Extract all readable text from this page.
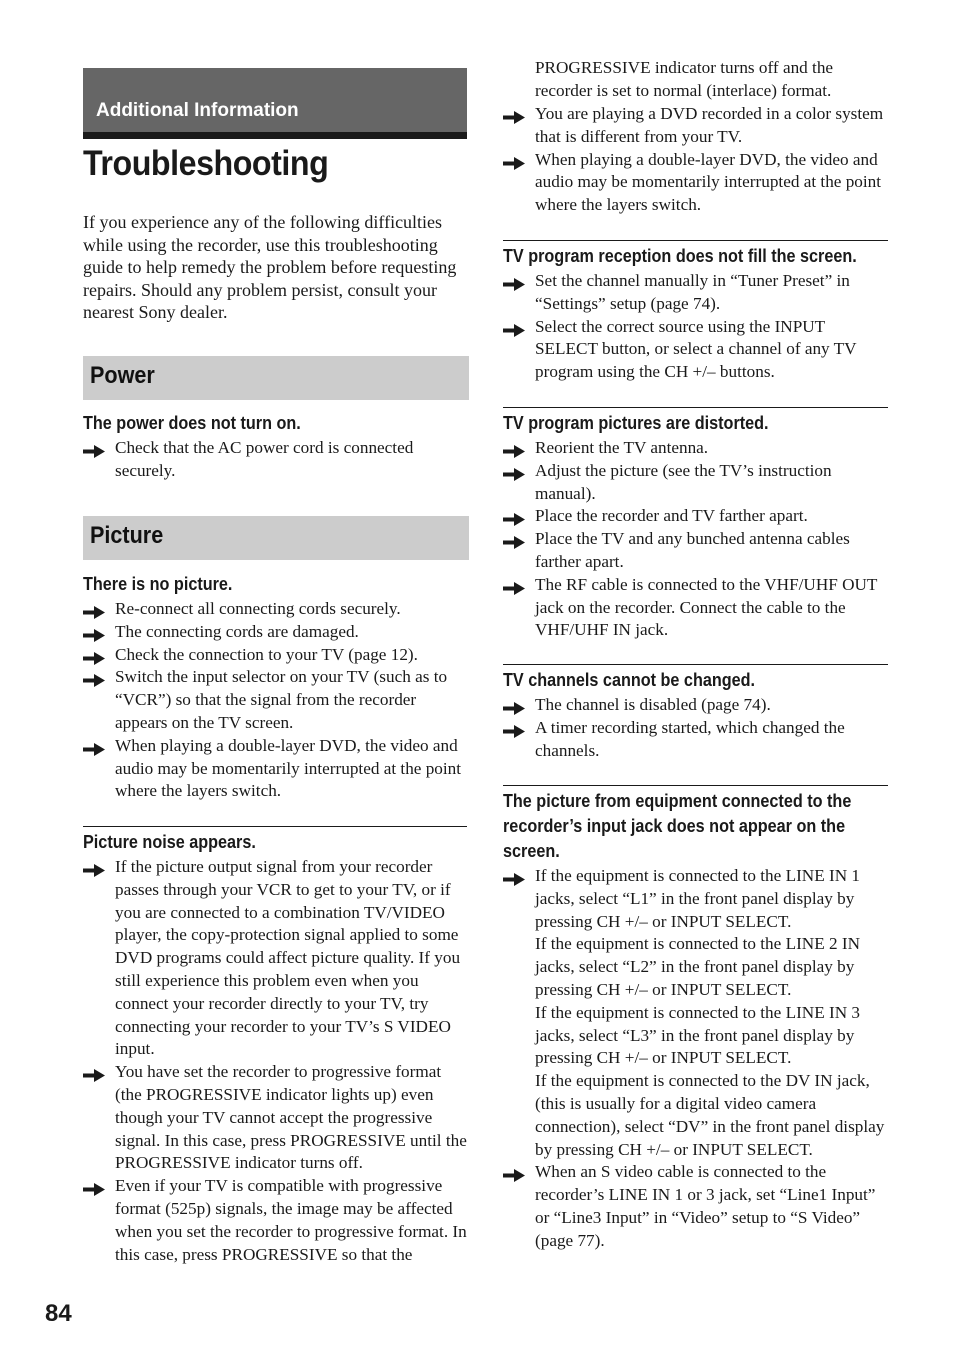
Additional Information
Troubleshooting

If you experience any of the following difficulties while using the recorder, use this troubleshooting guide to help remedy the problem before requesting repairs. Should any problem persist, consult your nearest Sony dealer.

Power
Picture
The power does not turn on.
Check that the AC power cord is connected securely.
There is no picture.
Re-connect all connecting cords securely.
The connecting cords are damaged.
Check the connection to your TV (page 12).
Switch the input selector on your TV (such as to “VCR”) so that the signal from the recorder appears on the TV screen.
When playing a double-layer DVD, the video and audio may be momentarily interrupted at the point where the layers switch.
Picture noise appears.
If the picture output signal from your recorder passes through your VCR to get to your TV, or if you are connected to a combination TV/VIDEO player, the copy-protection signal applied to some DVD programs could affect picture quality. If you still experience this problem even when you connect your recorder directly to your TV, try connecting your recorder to your TV’s S VIDEO input.
You have set the recorder to progressive format (the PROGRESSIVE indicator lights up) even though your TV cannot accept the progressive signal. In this case, press PROGRESSIVE until the PROGRESSIVE indicator turns off.
Even if your TV is compatible with progressive format (525p) signals, the image may be affected when you set the recorder to progressive format. In this case, press PROGRESSIVE so that the
PROGRESSIVE indicator turns off and the recorder is set to normal (interlace) format.
You are playing a DVD recorded in a color system that is different from your TV.
When playing a double-layer DVD, the video and audio may be momentarily interrupted at the point where the layers switch.
TV program reception does not fill the screen.
Set the channel manually in “Tuner Preset” in “Settings” setup (page 74).
Select the correct source using the INPUT SELECT button, or select a channel of any TV program using the CH +/– buttons.
TV program pictures are distorted.
Reorient the TV antenna.
Adjust the picture (see the TV’s instruction manual).
Place the recorder and TV farther apart.
Place the TV and any bunched antenna cables farther apart.
The RF cable is connected to the VHF/UHF OUT jack on the recorder. Connect the cable to the VHF/UHF IN jack.
TV channels cannot be changed.
The channel is disabled (page 74).
A timer recording started, which changed the channels.
The picture from equipment connected to the recorder’s input jack does not appear on the screen.
If the equipment is connected to the LINE IN 1 jacks, select “L1” in the front panel display by pressing CH +/– or INPUT SELECT.
If the equipment is connected to the LINE 2 IN jacks, select “L2” in the front panel display by pressing CH +/– or INPUT SELECT.
If the equipment is connected to the LINE IN 3 jacks, select “L3” in the front panel display by pressing CH +/– or INPUT SELECT.
If the equipment is connected to the DV IN jack, (this is usually for a digital video camera connection), select “DV” in the front panel display by pressing CH +/– or INPUT SELECT.
When an S video cable is connected to the recorder’s LINE IN 1 or 3 jack, set “Line1 Input” or “Line3 Input” in “Video” setup to “S Video” (page 77).
84
